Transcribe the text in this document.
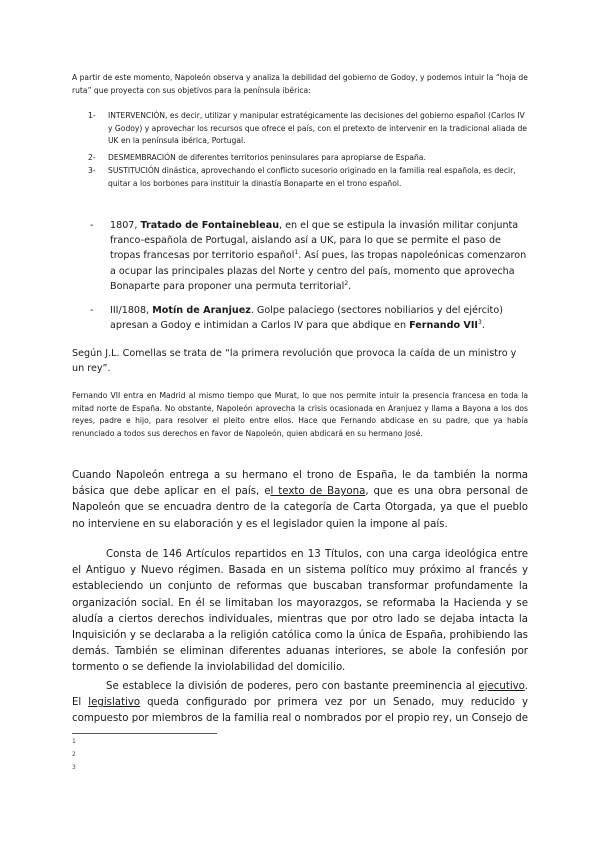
A partir de este momento, Napoleón observa y analiza la debilidad del gobierno de Godoy, y podemos intuir la “hoja de ruta” que proyecta con sus objetivos para la península ibérica:

1- INTERVENCIÓN, es decir, utilizar y manipular estratégicamente las decisiones del gobierno español (Carlos IV y Godoy) y aprovechar los recursos que ofrece el país, con el pretexto de intervenir en la tradicional aliada de UK en la península ibérica, Portugal.
2- DESMEMBRACIÓN de diferentes territorios peninsulares para apropiarse de España.
3- SUSTITUCIÓN dinástica, aprovechando el conflicto sucesorio originado en la familia real española, es decir, quitar a los borbones para instituir la dinastía Bonaparte en el trono español.
- 1807, Tratado de Fontainebleau, en el que se estipula la invasión militar conjunta franco-española de Portugal, aislando así a UK, para lo que se permite el paso de tropas francesas por territorio español$^1$. Así pues, las tropas napoleónicas comenzaron a ocupar las principales plazas del Norte y centro del país, momento que aprovecha Bonaparte para proponer una permuta territorial$^2$.
- III/1808, Motín de Aranjuez. Golpe palaciego (sectores nobiliarios y del ejército) apresan a Godoy e intimidan a Carlos IV para que abdique en Fernando VII$^3$.

Según J.L. Comellas se trata de “la primera revolución que provoca la caída de un ministro y un rey”.

Fernando VII entra en Madrid al mismo tiempo que Murat, lo que nos permite intuir la presencia francesa en toda la mitad norte de España. No obstante, Napoleón aprovecha la crisis ocasionada en Aranjuez y llama a Bayona a los dos reyes, padre e hijo, para resolver el pleito entre ellos. Hace que Fernando abdicase en su padre, que ya había renunciado a todos sus derechos en favor de Napoleón, quien abdicará en su hermano José.

Cuando Napoleón entrega a su hermano el trono de España, le da también la norma básica que debe aplicar en el país, el texto de Bayona, que es una obra personal de Napoleón que se encuadra dentro de la categoría de Carta Otorgada, ya que el pueblo no interviene en su elaboración y es el legislador quien la impone al país.

Consta de 146 Artículos repartidos en 13 Títulos, con una carga ideológica entre el Antiguo y Nuevo régimen. Basada en un sistema político muy próximo al francés y estableciendo un conjunto de reformas que buscaban transformar profundamente la organización social. En él se limitaban los mayorazgos, se reformaba la Hacienda y se aludía a ciertos derechos individuales, mientras que por otro lado se dejaba intacta la Inquisición y se declaraba a la religión católica como la única de España, prohibiendo las demás. También se eliminan diferentes aduanas interiores, se abole la confesión por tormento o se defiende la inviolabilidad del domicilio.

Se establece la división de poderes, pero con bastante preeminencia al ejecutivo. El legislativo queda configurado por primera vez por un Senado, muy reducido y compuesto por miembros de la familia real o nombrados por el propio rey, un Consejo de

1
2
3
